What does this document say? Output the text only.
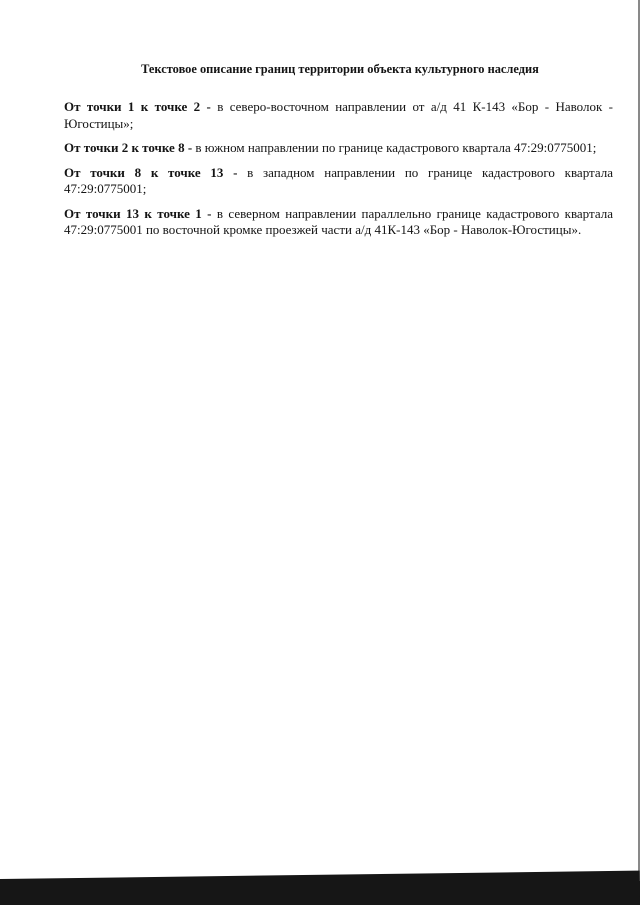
Текстовое описание границ территории объекта культурного наследия

От точки 1 к точке 2 - в северо-восточном направлении от а/д 41 К-143 «Бор - Наволок - Югостицы»;

От точки 2 к точке 8 - в южном направлении по границе кадастрового квартала 47:29:0775001;

От точки 8 к точке 13 - в западном направлении по границе кадастрового квартала 47:29:0775001;

От точки 13 к точке 1 - в северном направлении параллельно границе кадастрового квартала 47:29:0775001 по восточной кромке проезжей части а/д 41К-143 «Бор - Наволок-Югостицы».
